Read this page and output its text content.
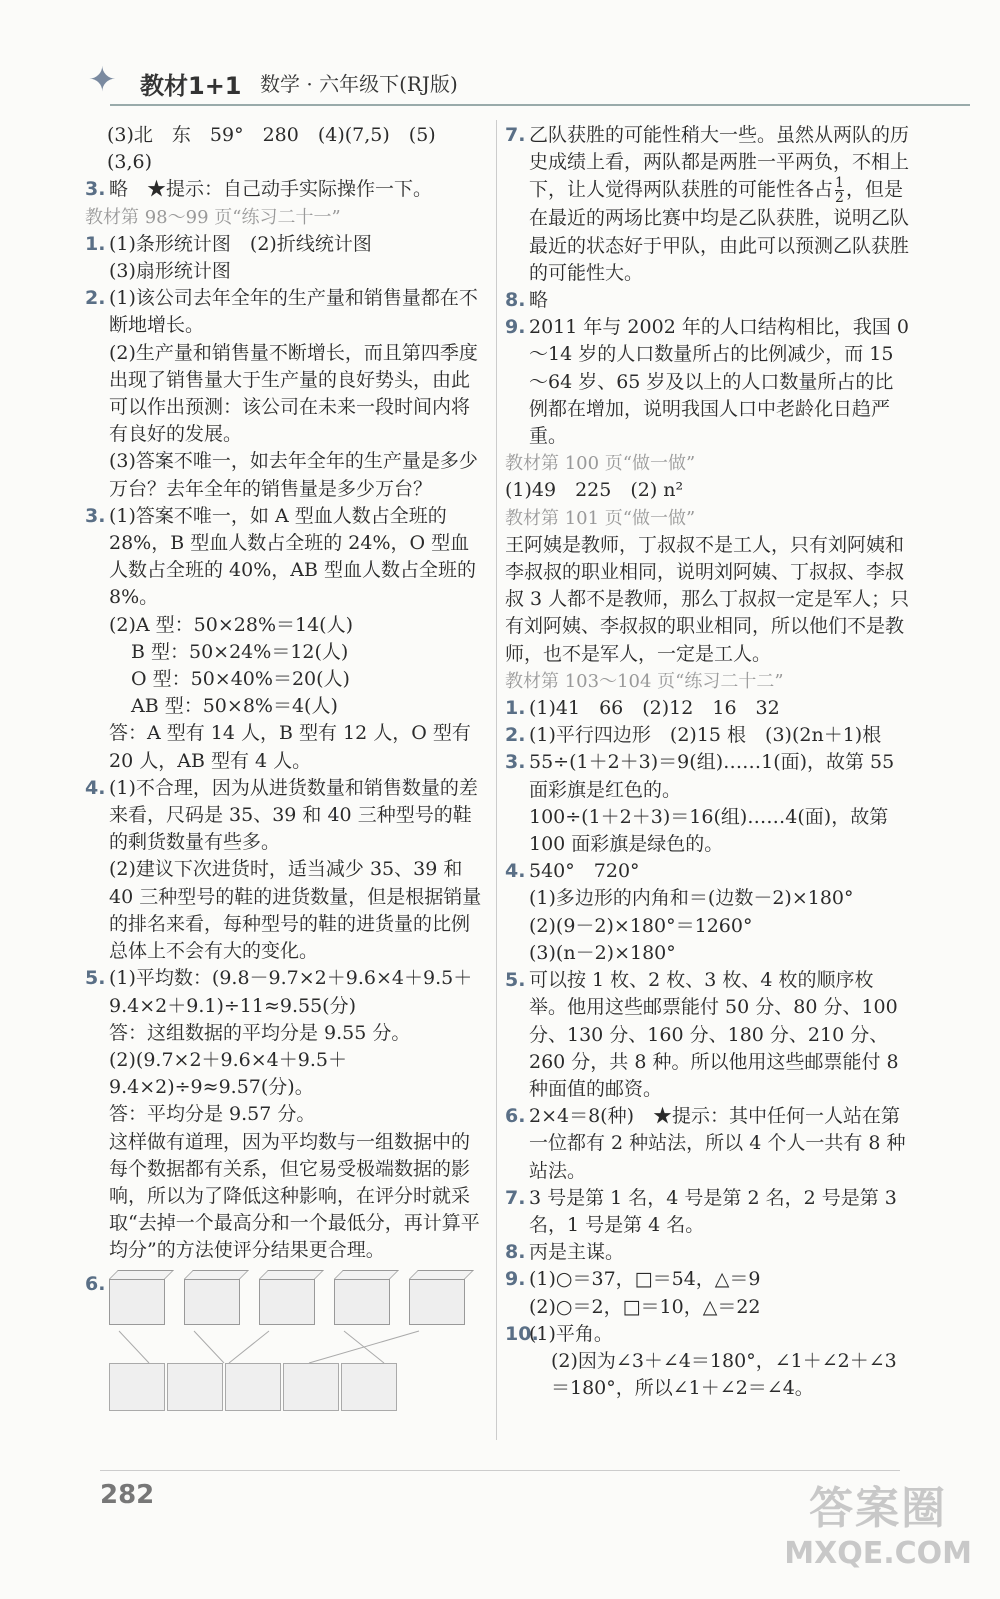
✦ 教材1+1 数学 · 六年级下(RJ版)
(3)北　东　59°　280　(4)(7,5)　(5)
(3,6)
3. 略　★提示：自己动手实际操作一下。
教材第 98～99 页“练习二十一”
1. (1)条形统计图　(2)折线统计图
(3)扇形统计图
2. (1)该公司去年全年的生产量和销售量都在不断地增长。
(2)生产量和销售量不断增长，而且第四季度出现了销售量大于生产量的良好势头，由此可以作出预测：该公司在未来一段时间内将有良好的发展。
(3)答案不唯一，如去年全年的生产量是多少万台？去年全年的销售量是多少万台？
3. (1)答案不唯一，如 A 型血人数占全班的 28%，B 型血人数占全班的 24%，O 型血人数占全班的 40%，AB 型血人数占全班的 8%。
(2)A 型：50×28%＝14(人)
B 型：50×24%＝12(人)
O 型：50×40%＝20(人)
AB 型：50×8%＝4(人)
答：A 型有 14 人，B 型有 12 人，O 型有 20 人，AB 型有 4 人。
4. (1)不合理，因为从进货数量和销售数量的差来看，尺码是 35、39 和 40 三种型号的鞋的剩货数量有些多。
(2)建议下次进货时，适当减少 35、39 和 40 三种型号的鞋的进货数量，但是根据销量的排名来看，每种型号的鞋的进货量的比例总体上不会有大的变化。
5. (1)平均数：(9.8－9.7×2＋9.6×4＋9.5＋9.4×2＋9.1)÷11≈9.55(分)
答：这组数据的平均分是 9.55 分。
(2)(9.7×2＋9.6×4＋9.5＋9.4×2)÷9≈9.57(分)。
答：平均分是 9.57 分。
这样做有道理，因为平均数与一组数据中的每个数据都有关系，但它易受极端数据的影响，所以为了降低这种影响，在评分时就采取“去掉一个最高分和一个最低分，再计算平均分”的方法使评分结果更合理。
6.
7. 乙队获胜的可能性稍大一些。虽然从两队的历史成绩上看，两队都是两胜一平两负，不相上下，让人觉得两队获胜的可能性各占 $\frac{1}{2}$ ，但是在最近的两场比赛中均是乙队获胜，说明乙队最近的状态好于甲队，由此可以预测乙队获胜的可能性大。
8. 略
9. 2011 年与 2002 年的人口结构相比，我国 0～14 岁的人口数量所占的比例减少，而 15～64 岁、65 岁及以上的人口数量所占的比例都在增加，说明我国人口中老龄化日趋严重。
教材第 100 页“做一做”
(1)49　225　(2) n²
教材第 101 页“做一做”
王阿姨是教师，丁叔叔不是工人，只有刘阿姨和李叔叔的职业相同，说明刘阿姨、丁叔叔、李叔叔 3 人都不是教师，那么丁叔叔一定是军人；只有刘阿姨、李叔叔的职业相同，所以他们不是教师，也不是军人，一定是工人。
教材第 103～104 页“练习二十二”
1. (1)41　66　(2)12　16　32
2. (1)平行四边形　(2)15 根　(3)(2n＋1)根
3. 55÷(1＋2＋3)＝9(组)……1(面)，故第 55 面彩旗是红色的。
100÷(1＋2＋3)＝16(组)……4(面)，故第 100 面彩旗是绿色的。
4. 540°　720°
(1)多边形的内角和＝(边数－2)×180°
(2)(9－2)×180°＝1260°
(3)(n－2)×180°
5. 可以按 1 枚、2 枚、3 枚、4 枚的顺序枚举。他用这些邮票能付 50 分、80 分、100 分、130 分、160 分、180 分、210 分、260 分，共 8 种。所以他用这些邮票能付 8 种面值的邮资。
6. 2×4＝8(种)　★提示：其中任何一人站在第一位都有 2 种站法，所以 4 个人一共有 8 种站法。
7. 3 号是第 1 名，4 号是第 2 名，2 号是第 3 名，1 号是第 4 名。
8. 丙是主谋。
9. (1)○＝37，□＝54，△＝9
(2)○＝2，□＝10，△＝22
10.
(1)平角。
(2)因为∠3＋∠4＝180°，∠1＋∠2＋∠3＝180°，所以∠1＋∠2＝∠4。
282	答案圈
MXQE.COM
